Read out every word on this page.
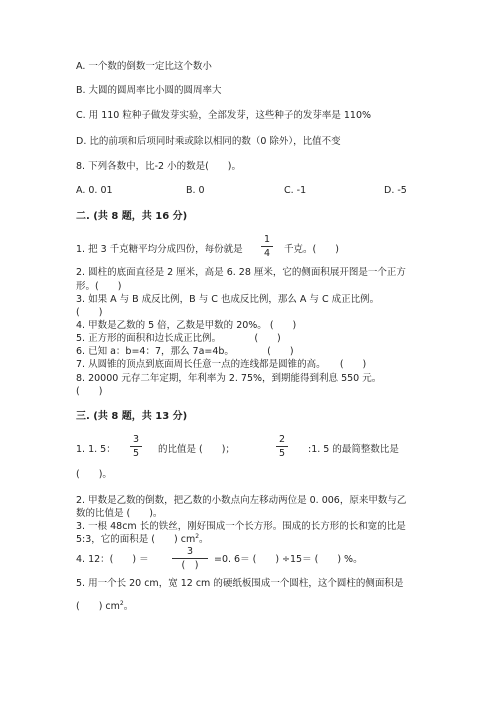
A. 一个数的倒数一定比这个数小
B. 大圆的圆周率比小圆的圆周率大
C. 用 110 粒种子做发芽实验，全部发芽，这些种子的发芽率是 110%
D. 比的前项和后项同时乘或除以相同的数（0 除外），比值不变
8. 下列各数中，比-2 小的数是(　　)。
A. 0. 01	B. 0	C. -1	D. -5
二. (共 8 题，共 16 分)
1. 把 3 千克糖平均分成四份，每份就是
1
4 千克。(　　)
2. 圆柱的底面直径是 2 厘米，高是 6. 28 厘米，它的侧面积展开图是一个正方
形。(　　)
3. 如果 A 与 B 成反比例，B 与 C 也成反比例，那么 A 与 C 成正比例。
(　　)
4. 甲数是乙数的 5 倍，乙数是甲数的 20%。 (　　)
5. 正方形的面积和边长成正比例。　　　　(　　)
6. 已知 a：b=4：7，那么 7a=4b。　　　　(　　)
7. 从圆锥的顶点到底面周长任意一点的连线都是圆锥的高。　　(　　)
8. 20000 元存二年定期，年利率为 2. 75%，到期能得到利息 550 元。
(　　)
三. (共 8 题，共 13 分)
1. 1. 5：
3
5 的比值是 (　　)；
2
5 :1. 5 的最简整数比是
(　　)。
2. 甲数是乙数的倒数，把乙数的小数点向左移动两位是 0. 006，原来甲数与乙
数的比值是 (　　)。
3. 一根 48cm 长的铁丝，刚好围成一个长方形。围成的长方形的长和宽的比是
5:3，它的面积是 (　　) $cm^2$。
4. 12：(　　) ＝
3
(　)
=0. 6＝ (　　) ÷15＝ (　　) %。
5. 用一个长 20 cm，宽 12 cm 的硬纸板围成一个圆柱，这个圆柱的侧面积是
(　　) $cm^2$。
